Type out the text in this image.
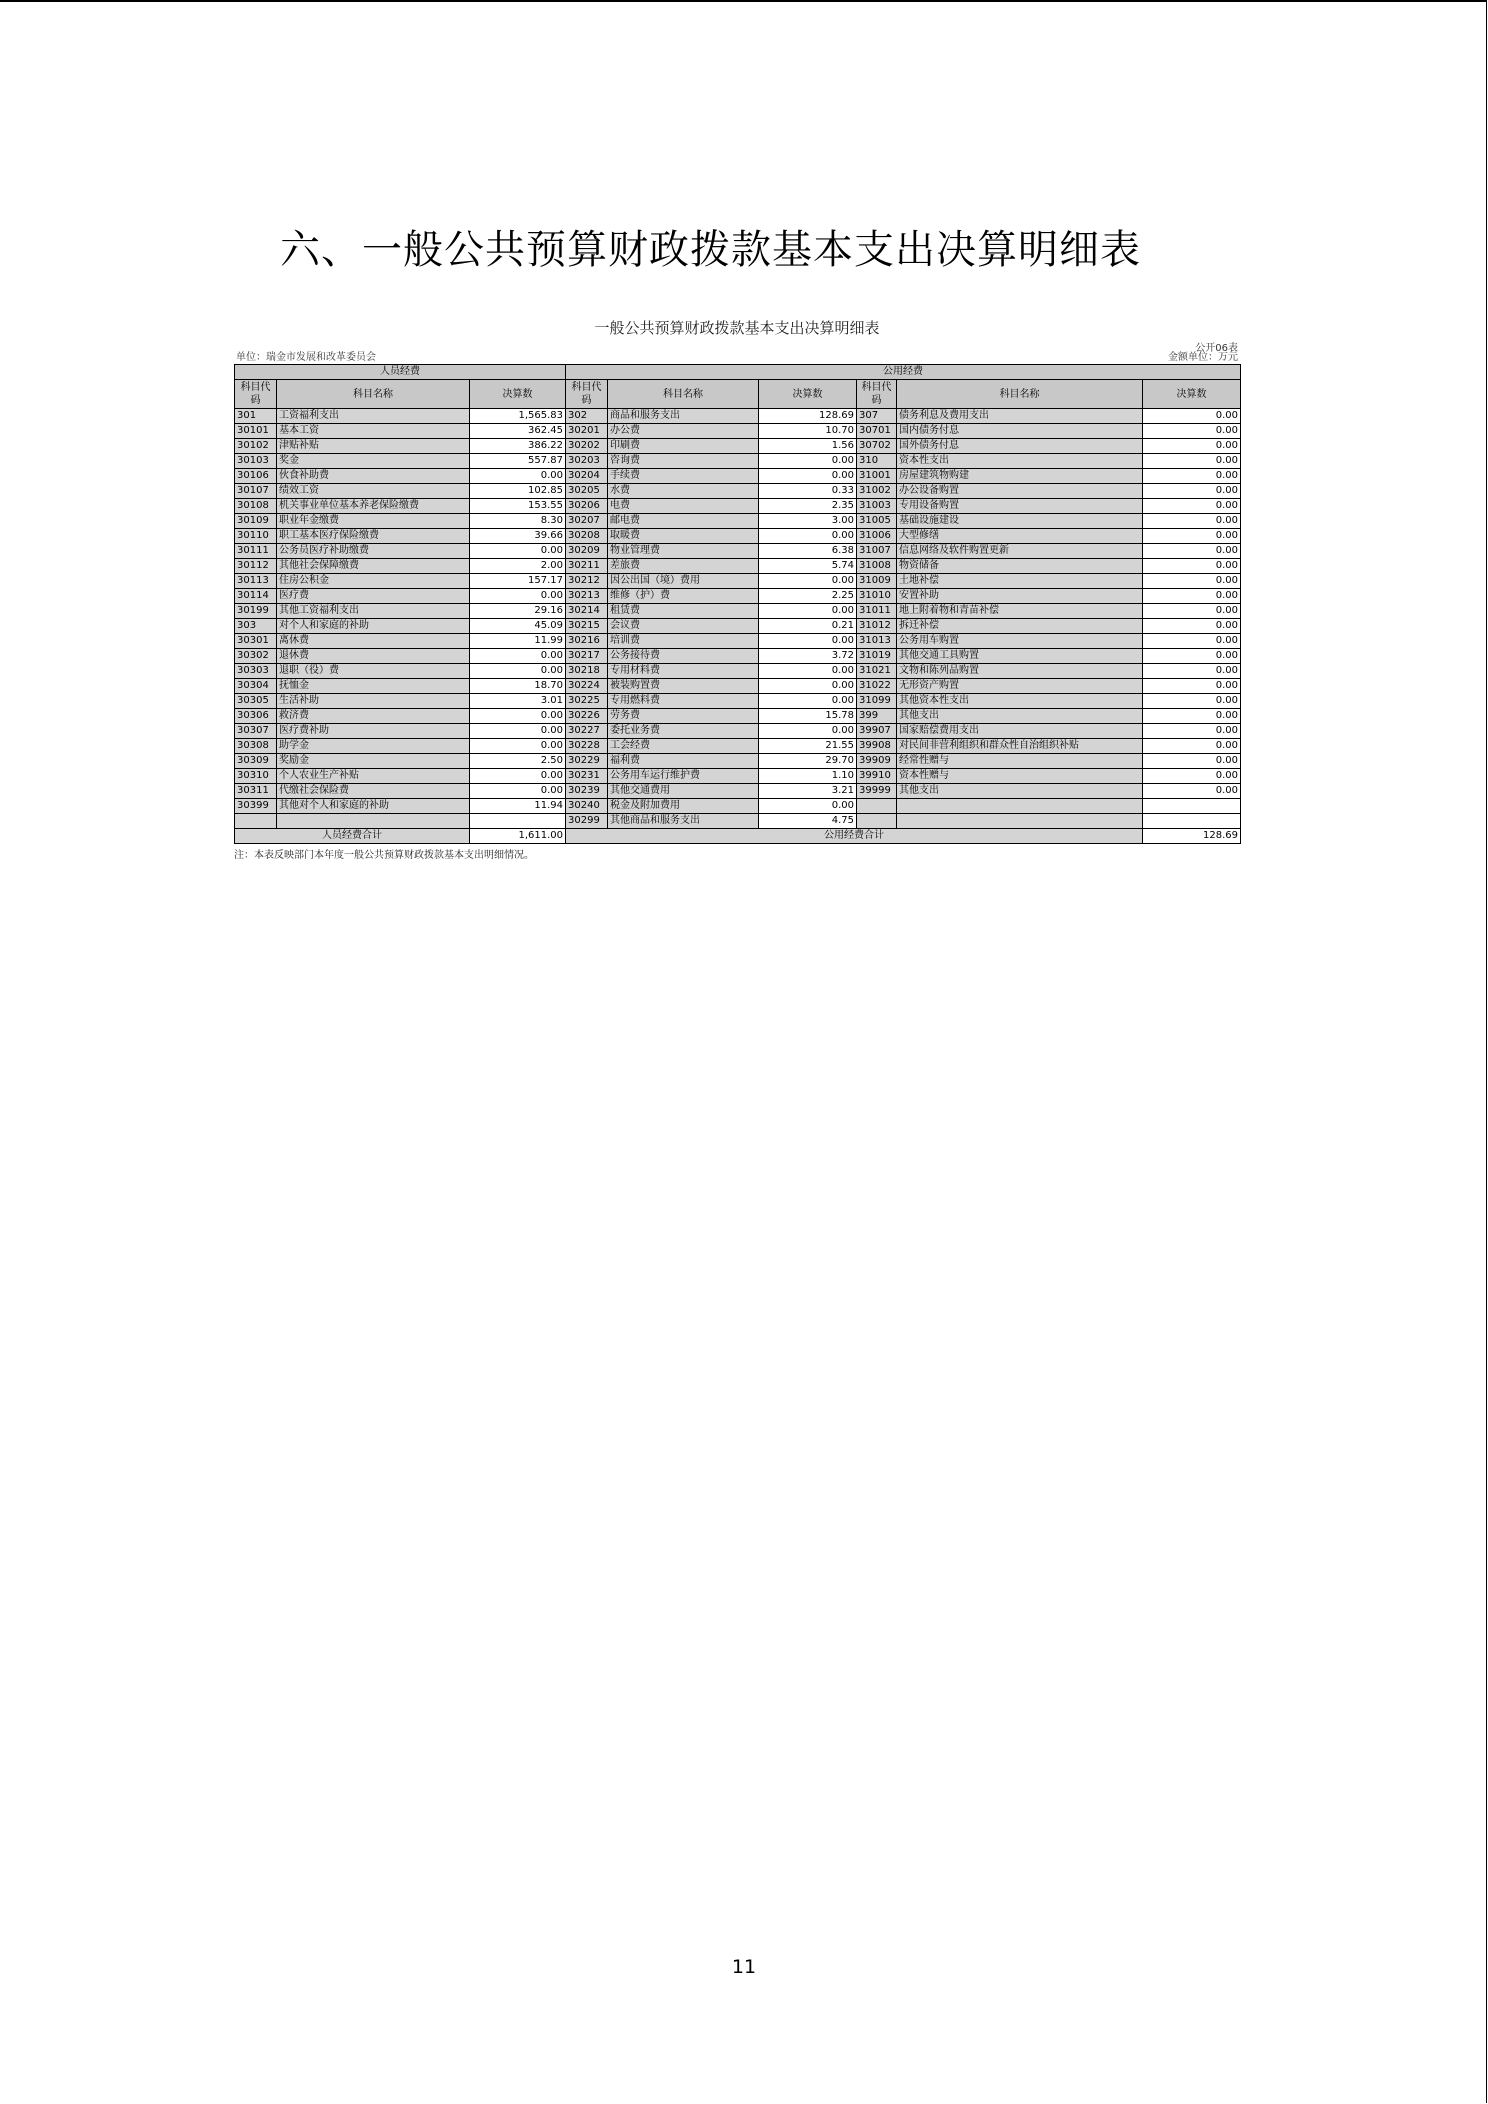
六、一般公共预算财政拨款基本支出决算明细表
一般公共预算财政拨款基本支出决算明细表
单位：瑞金市发展和改革委员会
公开06表
金额单位：万元
人员经费			公用经费					
科目代码	科目名称	决算数	科目代码	科目名称	决算数	科目代码	科目名称	决算数
301	工资福利支出	1,565.83	302	商品和服务支出	128.69	307	债务利息及费用支出	0.00
30101	基本工资	362.45	30201	办公费	10.70	30701	国内债务付息	0.00
30102	津贴补贴	386.22	30202	印刷费	1.56	30702	国外债务付息	0.00
30103	奖金	557.87	30203	咨询费	0.00	310	资本性支出	0.00
30106	伙食补助费	0.00	30204	手续费	0.00	31001	房屋建筑物购建	0.00
30107	绩效工资	102.85	30205	水费	0.33	31002	办公设备购置	0.00
30108	机关事业单位基本养老保险缴费	153.55	30206	电费	2.35	31003	专用设备购置	0.00
30109	职业年金缴费	8.30	30207	邮电费	3.00	31005	基础设施建设	0.00
30110	职工基本医疗保险缴费	39.66	30208	取暖费	0.00	31006	大型修缮	0.00
30111	公务员医疗补助缴费	0.00	30209	物业管理费	6.38	31007	信息网络及软件购置更新	0.00
30112	其他社会保障缴费	2.00	30211	差旅费	5.74	31008	物资储备	0.00
30113	住房公积金	157.17	30212	因公出国（境）费用	0.00	31009	土地补偿	0.00
30114	医疗费	0.00	30213	维修（护）费	2.25	31010	安置补助	0.00
30199	其他工资福利支出	29.16	30214	租赁费	0.00	31011	地上附着物和青苗补偿	0.00
303	对个人和家庭的补助	45.09	30215	会议费	0.21	31012	拆迁补偿	0.00
30301	离休费	11.99	30216	培训费	0.00	31013	公务用车购置	0.00
30302	退休费	0.00	30217	公务接待费	3.72	31019	其他交通工具购置	0.00
30303	退职（役）费	0.00	30218	专用材料费	0.00	31021	文物和陈列品购置	0.00
30304	抚恤金	18.70	30224	被装购置费	0.00	31022	无形资产购置	0.00
30305	生活补助	3.01	30225	专用燃料费	0.00	31099	其他资本性支出	0.00
30306	救济费	0.00	30226	劳务费	15.78	399	其他支出	0.00
30307	医疗费补助	0.00	30227	委托业务费	0.00	39907	国家赔偿费用支出	0.00
30308	助学金	0.00	30228	工会经费	21.55	39908	对民间非营利组织和群众性自治组织补贴	0.00
30309	奖励金	2.50	30229	福利费	29.70	39909	经常性赠与	0.00
30310	个人农业生产补贴	0.00	30231	公务用车运行维护费	1.10	39910	资本性赠与	0.00
30311	代缴社会保险费	0.00	30239	其他交通费用	3.21	39999	其他支出	0.00
30399	其他对个人和家庭的补助	11.94	30240	税金及附加费用	0.00			
			30299	其他商品和服务支出	4.75			
人员经费合计		1,611.00	公用经费合计					128.69
注：本表反映部门本年度一般公共预算财政拨款基本支出明细情况。
11
